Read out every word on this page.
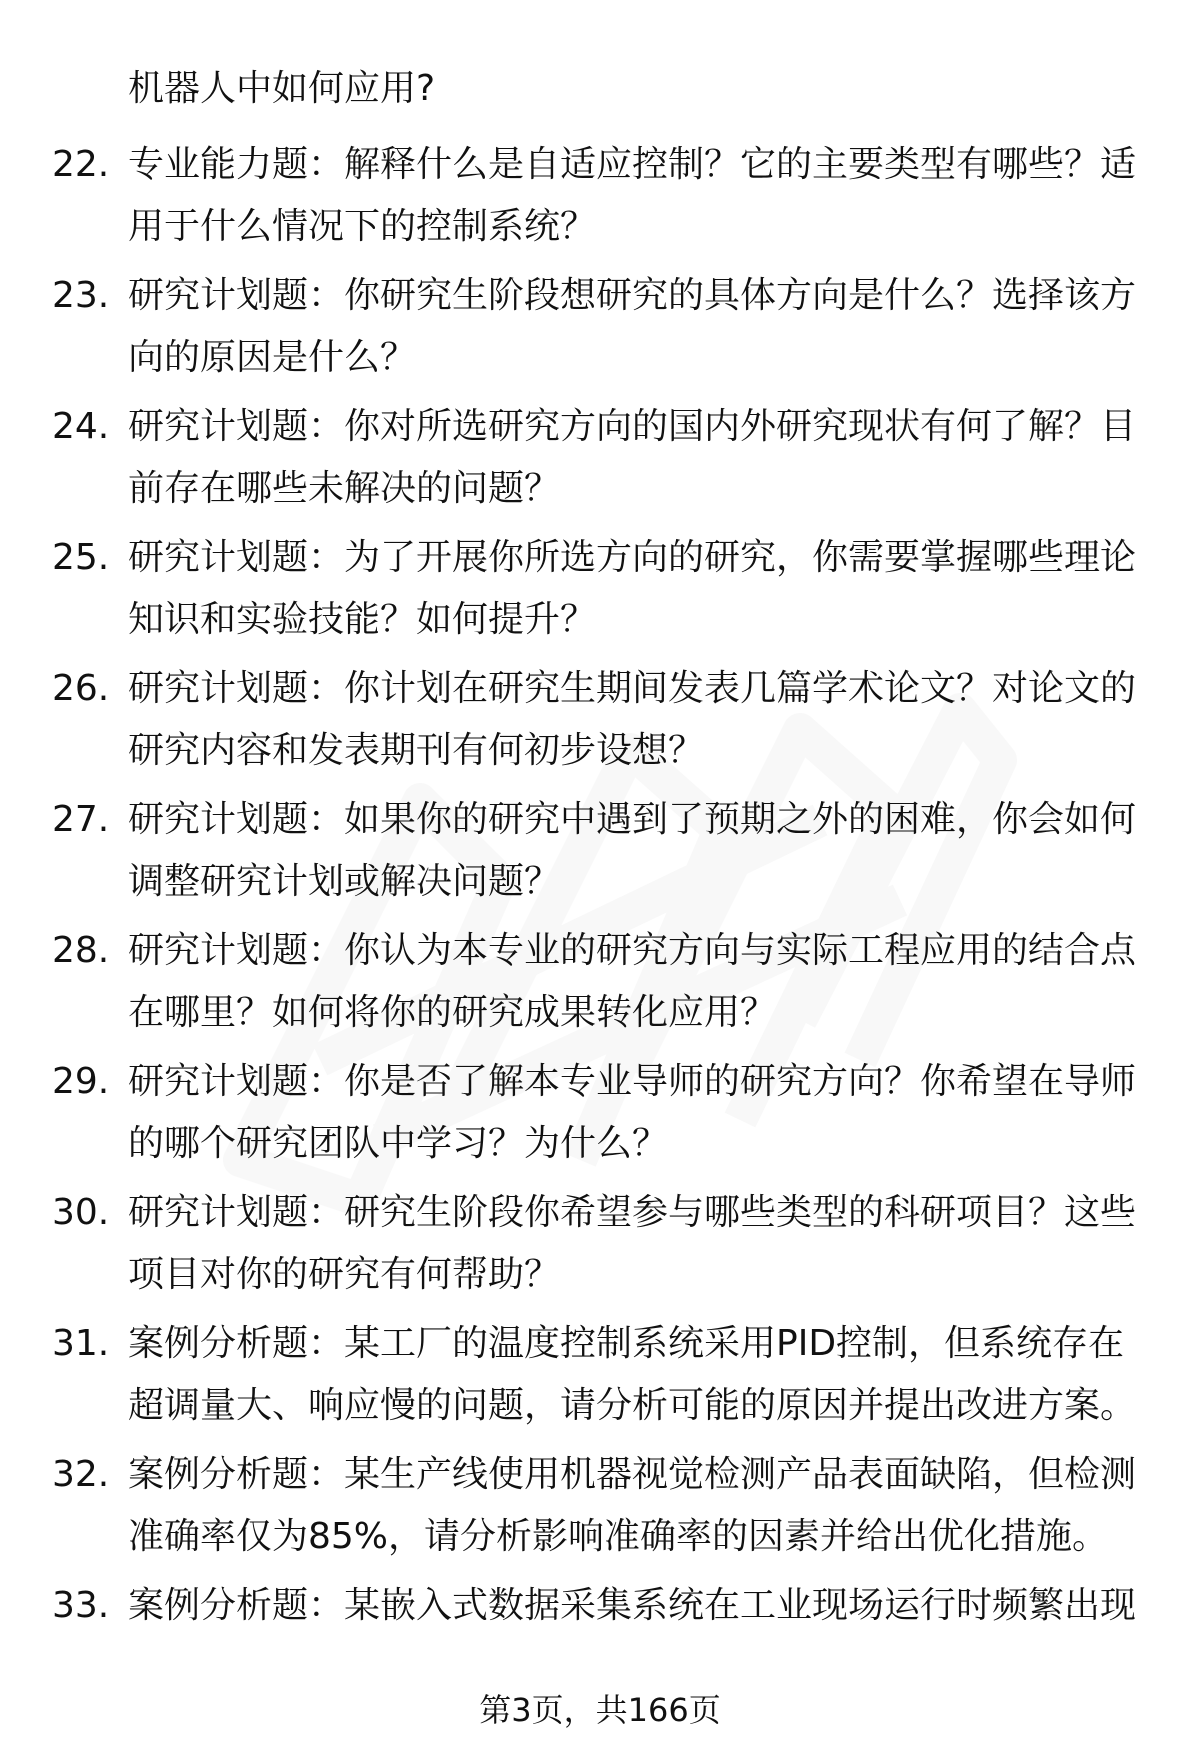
机器人中如何应用?
22. 专业能力题：解释什么是自适应控制？它的主要类型有哪些？适
用于什么情况下的控制系统？
23. 研究计划题：你研究生阶段想研究的具体方向是什么？选择该方
向的原因是什么？
24. 研究计划题：你对所选研究方向的国内外研究现状有何了解？目
前存在哪些未解决的问题？
25. 研究计划题：为了开展你所选方向的研究，你需要掌握哪些理论
知识和实验技能？如何提升？
26. 研究计划题：你计划在研究生期间发表几篇学术论文？对论文的
研究内容和发表期刊有何初步设想？
27. 研究计划题：如果你的研究中遇到了预期之外的困难，你会如何
调整研究计划或解决问题？
28. 研究计划题：你认为本专业的研究方向与实际工程应用的结合点
在哪里？如何将你的研究成果转化应用？
29. 研究计划题：你是否了解本专业导师的研究方向？你希望在导师
的哪个研究团队中学习？为什么？
30. 研究计划题：研究生阶段你希望参与哪些类型的科研项目？这些
项目对你的研究有何帮助？
31. 案例分析题：某工厂的温度控制系统采用PID控制，但系统存在
超调量大、响应慢的问题，请分析可能的原因并提出改进方案。
32. 案例分析题：某生产线使用机器视觉检测产品表面缺陷，但检测
准确率仅为85%，请分析影响准确率的因素并给出优化措施。
33. 案例分析题：某嵌入式数据采集系统在工业现场运行时频繁出现
第3页，共166页
